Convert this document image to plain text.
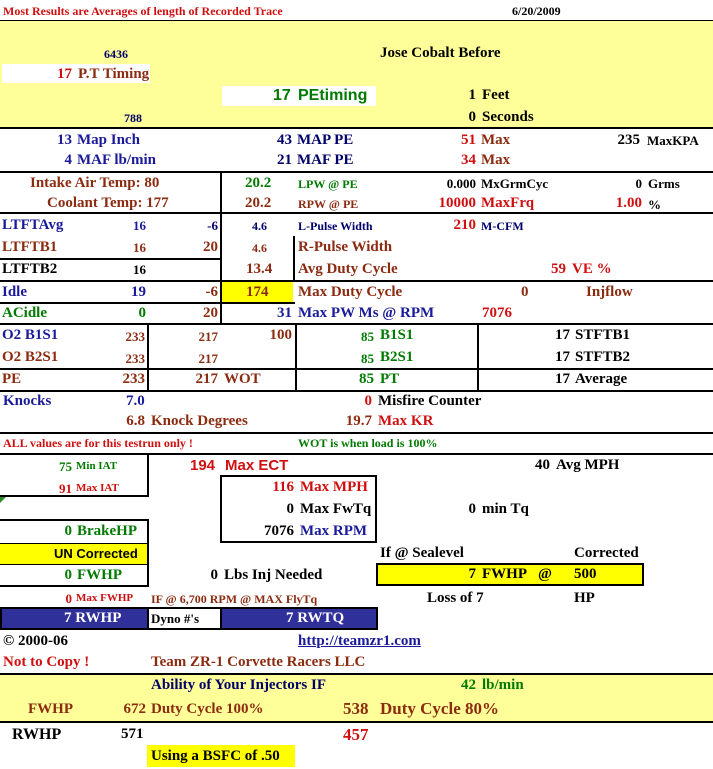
Most Results are Averages of length of Recorded Trace	6/20/2009
6436	Jose Cobalt Before
17 P.T Timing
17 PEtiming	1 Feet
788	0 Seconds
13 Map Inch	43 MAP PE	51 Max	235 MaxKPA
4 MAF lb/min	21 MAF PE	34 Max
Intake Air Temp: 80
Coolant Temp: 177
20.2 LPW @ PE
20.2 RPW @ PE
0.000 MxGrmCyc	0 Grms
10000 MaxFrq	1.00 %
LTFTAvg	16	-6	4.6	L-Pulse Width	210 M-CFM
LTFTB1	16	20	4.6 R-Pulse Width
LTFTB2	16	13.4 Avg Duty Cycle	59 VE %
Idle	19	-6 174 Max Duty Cycle	0	Injflow
ACidle	0	20	31 Max PW Ms @ RPM	7076
O2 B1S1	233	217	100	85 B1S1	17 STFTB1
O2 B2S1	233	217	85 B2S1	17 STFTB2
PE	233	217 WOT	85 PT	17 Average
Knocks	7.0	0 Misfire Counter
6.8 Knock Degrees	19.7 Max KR
ALL values are for this testrun only !	WOT is when load is 100%
75 Min IAT
91 Max IAT
194 Max ECT	40 Avg MPH
116 Max MPH
0 Max FwTq
7076 Max RPM
0 min Tq
0 BrakeHP
UN Corrected
0 FWHP	0 Lbs Inj Needed
If @ Sealevel	Corrected
7 FWHP @ 500
0 Max FWHP IF @ 6,700 RPM @ MAX FlyTq	Loss of 7	HP
7 RWHP Dyno #'s	7 RWTQ
© 2000-06	http://teamzr1.com
Not to Copy !	Team ZR-1 Corvette Racers LLC
Ability of Your Injectors IF	42 lb/min
FWHP	672 Duty Cycle 100%	538 Duty Cycle 80%
RWHP	571	457
Using a BSFC of .50
